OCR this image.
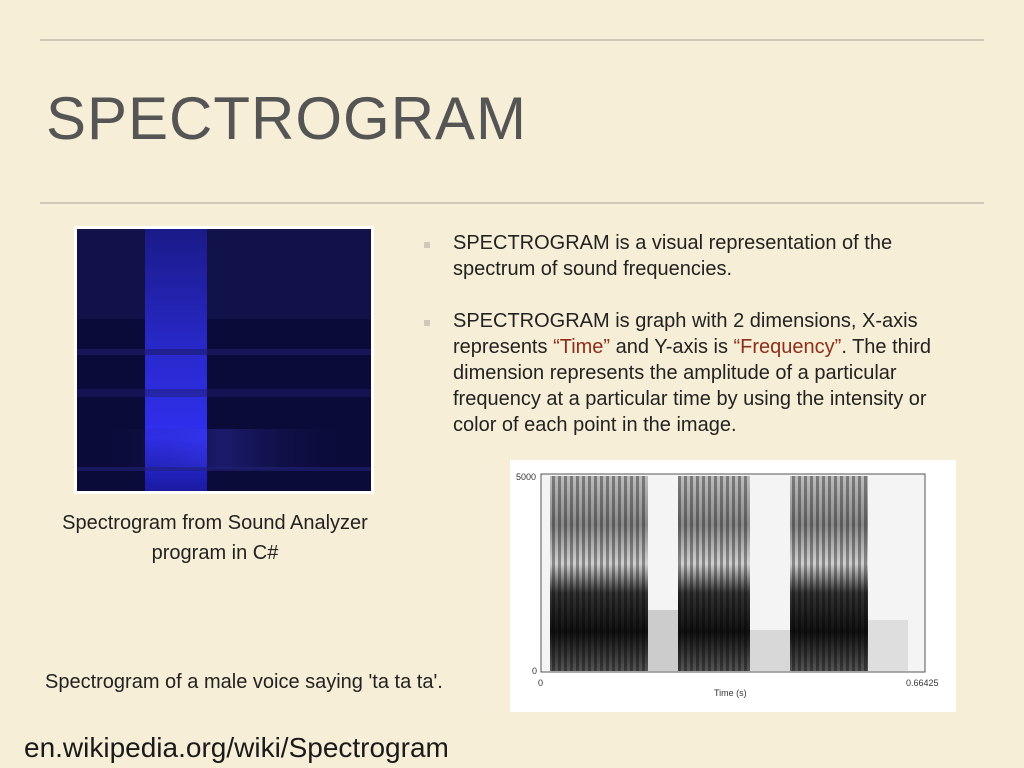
SPECTROGRAM
SPECTROGRAM is a visual representation of the spectrum of sound frequencies.
SPECTROGRAM is graph with 2 dimensions, X-axis represents “Time” and Y-axis is “Frequency”. The third dimension represents the amplitude of a particular frequency at a particular time by using the intensity or color of each point in the image.
Spectrogram from Sound Analyzer program in C#
5000
0
0	0.66425
Time (s)
Spectrogram of a male voice saying 'ta ta ta'.
en.wikipedia.org/wiki/Spectrogram
